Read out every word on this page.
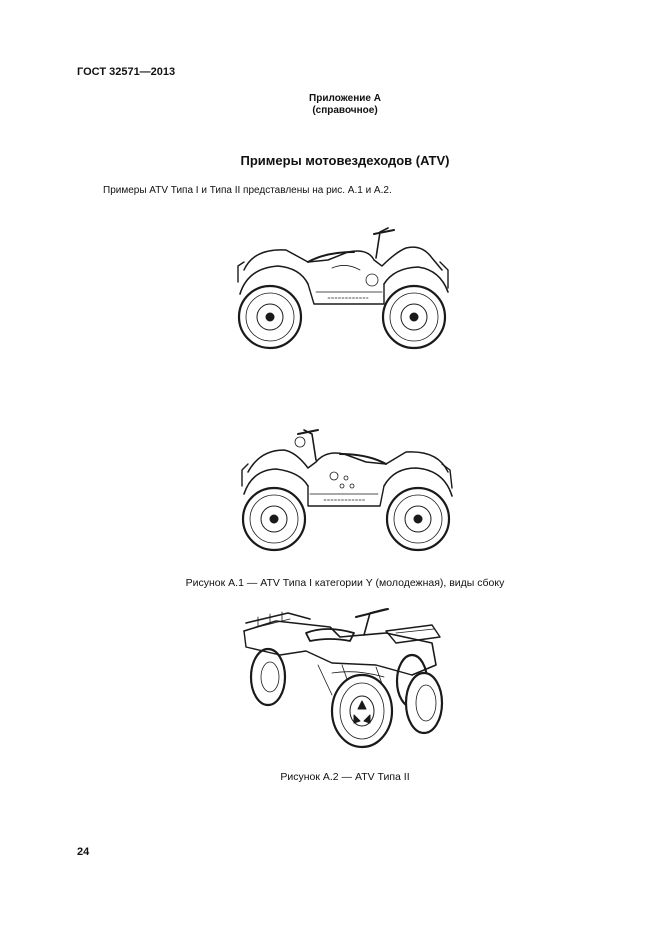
ГОСТ 32571—2013
Приложение А
(справочное)
Примеры мотовездеходов (ATV)
Примеры ATV Типа I и Типа II представлены на рис. А.1 и А.2.
Рисунок А.1 — ATV Типа I категории Y (молодежная), виды сбоку
Рисунок А.2 — ATV Типа II
24
